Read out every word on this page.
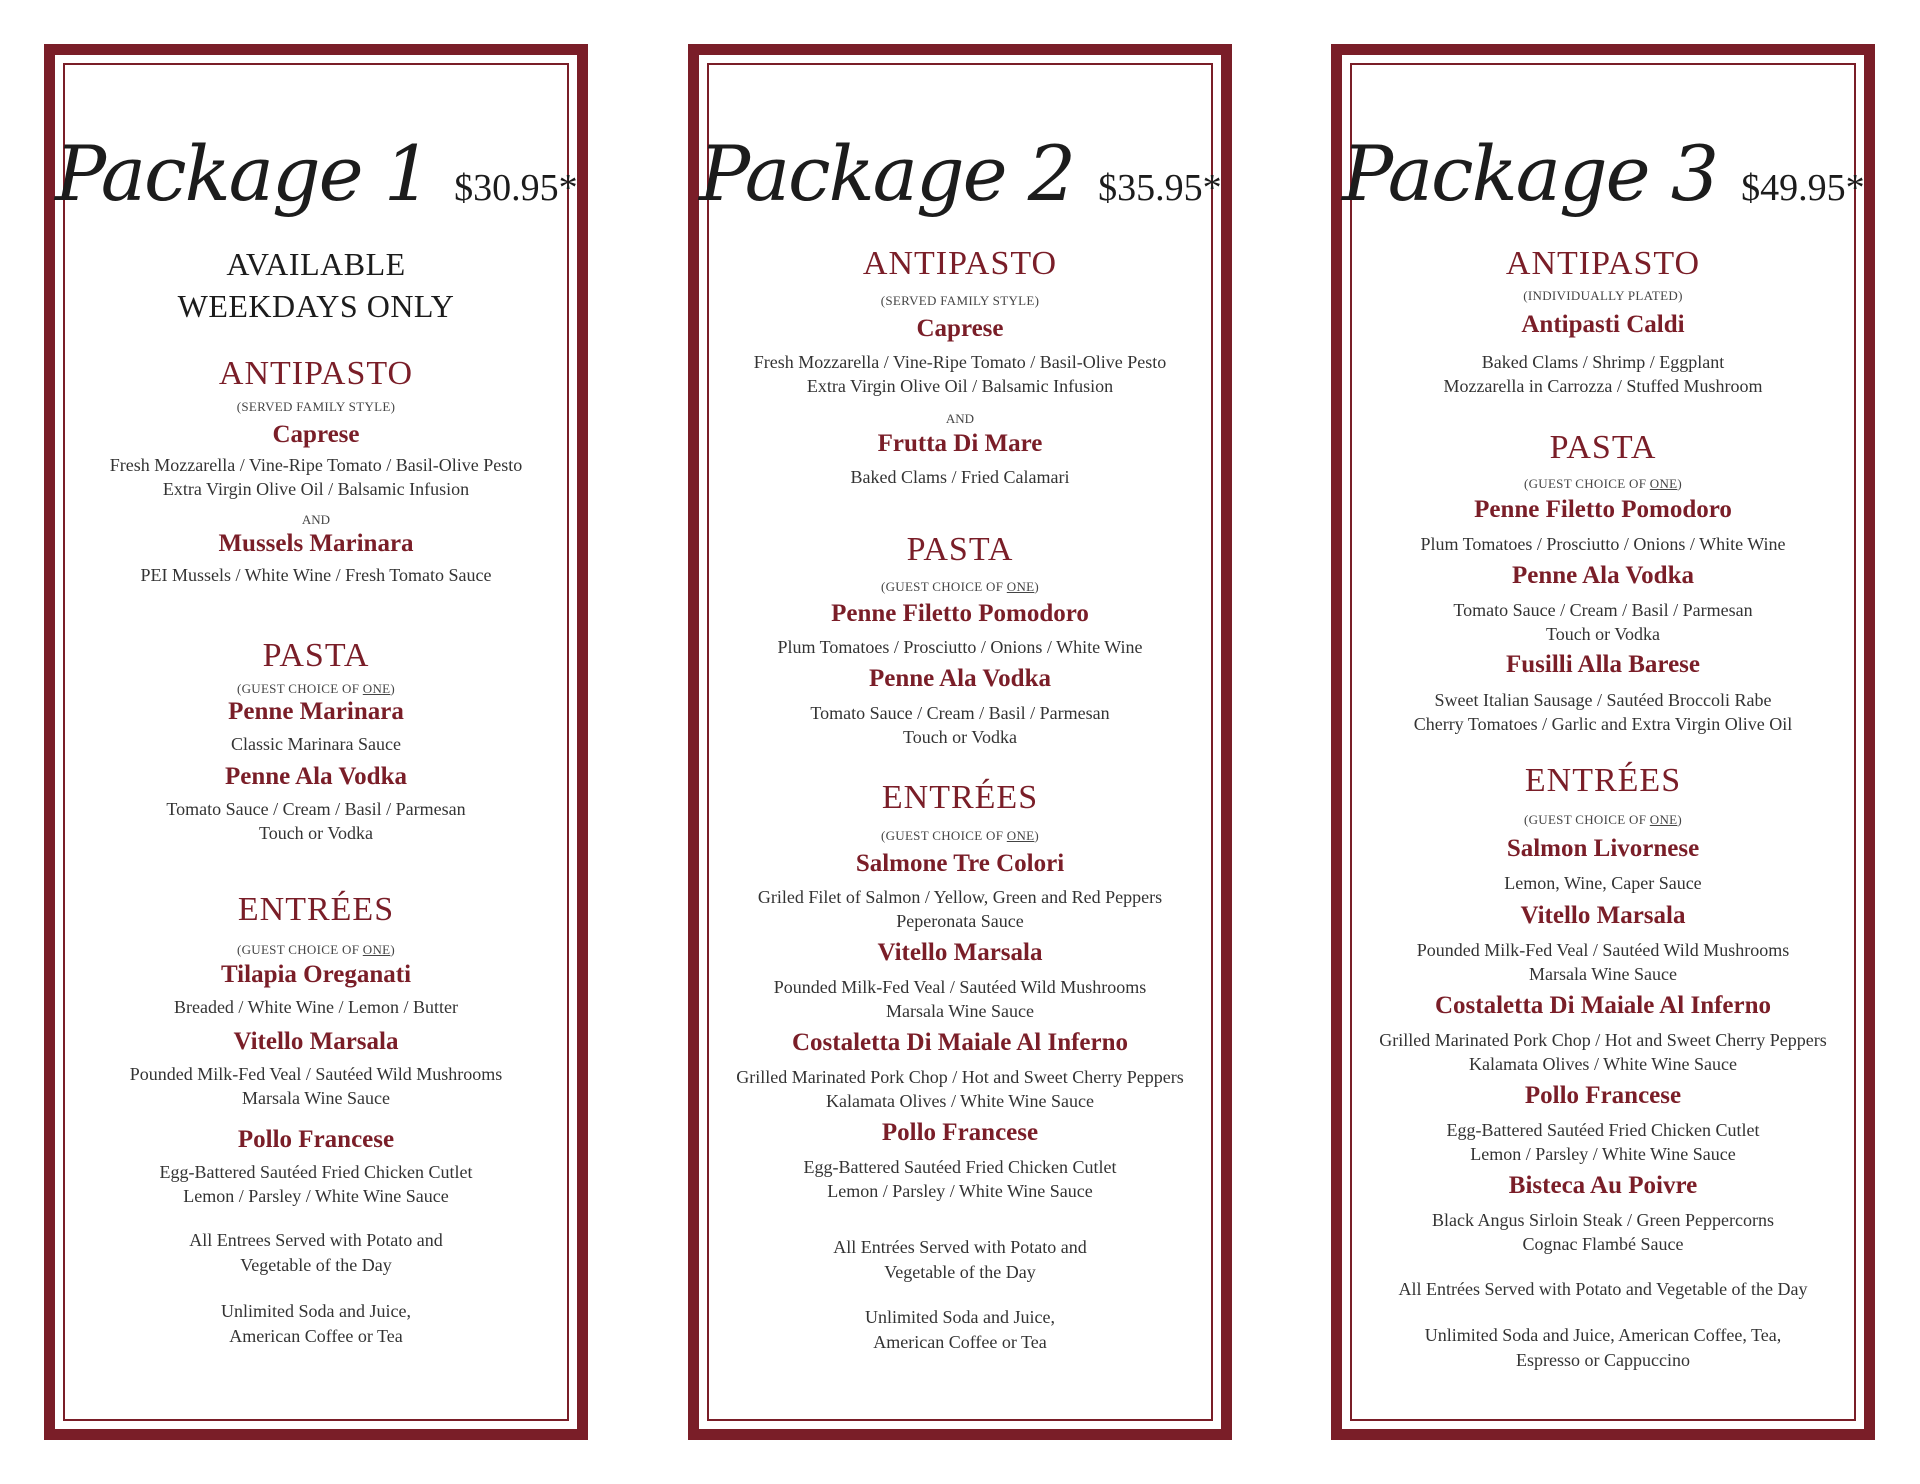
Package 1 $30.95*
AVAILABLE
WEEKDAYS ONLY
ANTIPASTO
(SERVED FAMILY STYLE)
Caprese
Fresh Mozzarella / Vine-Ripe Tomato / Basil-Olive Pesto
Extra Virgin Olive Oil / Balsamic Infusion
AND
Mussels Marinara
PEI Mussels / White Wine / Fresh Tomato Sauce
PASTA
(GUEST CHOICE OF ONE)
Penne Marinara
Classic Marinara Sauce
Penne Ala Vodka
Tomato Sauce / Cream / Basil / Parmesan
Touch or Vodka
ENTRÉES
(GUEST CHOICE OF ONE)
Tilapia Oreganati
Breaded / White Wine / Lemon / Butter
Vitello Marsala
Pounded Milk-Fed Veal / Sautéed Wild Mushrooms
Marsala Wine Sauce
Pollo Francese
Egg-Battered Sautéed Fried Chicken Cutlet
Lemon / Parsley / White Wine Sauce
All Entrees Served with Potato and
Vegetable of the Day
Unlimited Soda and Juice,
American Coffee or Tea
Package 2 $35.95*
ANTIPASTO
(SERVED FAMILY STYLE)
Caprese
Fresh Mozzarella / Vine-Ripe Tomato / Basil-Olive Pesto
Extra Virgin Olive Oil / Balsamic Infusion
AND
Frutta Di Mare
Baked Clams / Fried Calamari
PASTA
(GUEST CHOICE OF ONE)
Penne Filetto Pomodoro
Plum Tomatoes / Prosciutto / Onions / White Wine
Penne Ala Vodka
Tomato Sauce / Cream / Basil / Parmesan
Touch or Vodka
ENTRÉES
(GUEST CHOICE OF ONE)
Salmone Tre Colori
Griled Filet of Salmon / Yellow, Green and Red Peppers
Peperonata Sauce
Vitello Marsala
Pounded Milk-Fed Veal / Sautéed Wild Mushrooms
Marsala Wine Sauce
Costaletta Di Maiale Al Inferno
Grilled Marinated Pork Chop / Hot and Sweet Cherry Peppers
Kalamata Olives / White Wine Sauce
Pollo Francese
Egg-Battered Sautéed Fried Chicken Cutlet
Lemon / Parsley / White Wine Sauce
All Entrées Served with Potato and
Vegetable of the Day
Unlimited Soda and Juice,
American Coffee or Tea
Package 3 $49.95*
ANTIPASTO
(INDIVIDUALLY PLATED)
Antipasti Caldi
Baked Clams / Shrimp / Eggplant
Mozzarella in Carrozza / Stuffed Mushroom
PASTA
(GUEST CHOICE OF ONE)
Penne Filetto Pomodoro
Plum Tomatoes / Prosciutto / Onions / White Wine
Penne Ala Vodka
Tomato Sauce / Cream / Basil / Parmesan
Touch or Vodka
Fusilli Alla Barese
Sweet Italian Sausage / Sautéed Broccoli Rabe
Cherry Tomatoes / Garlic and Extra Virgin Olive Oil
ENTRÉES
(GUEST CHOICE OF ONE)
Salmon Livornese
Lemon, Wine, Caper Sauce
Vitello Marsala
Pounded Milk-Fed Veal / Sautéed Wild Mushrooms
Marsala Wine Sauce
Costaletta Di Maiale Al Inferno
Grilled Marinated Pork Chop / Hot and Sweet Cherry Peppers
Kalamata Olives / White Wine Sauce
Pollo Francese
Egg-Battered Sautéed Fried Chicken Cutlet
Lemon / Parsley / White Wine Sauce
Bisteca Au Poivre
Black Angus Sirloin Steak / Green Peppercorns
Cognac Flambé Sauce
All Entrées Served with Potato and Vegetable of the Day
Unlimited Soda and Juice, American Coffee, Tea,
Espresso or Cappuccino
